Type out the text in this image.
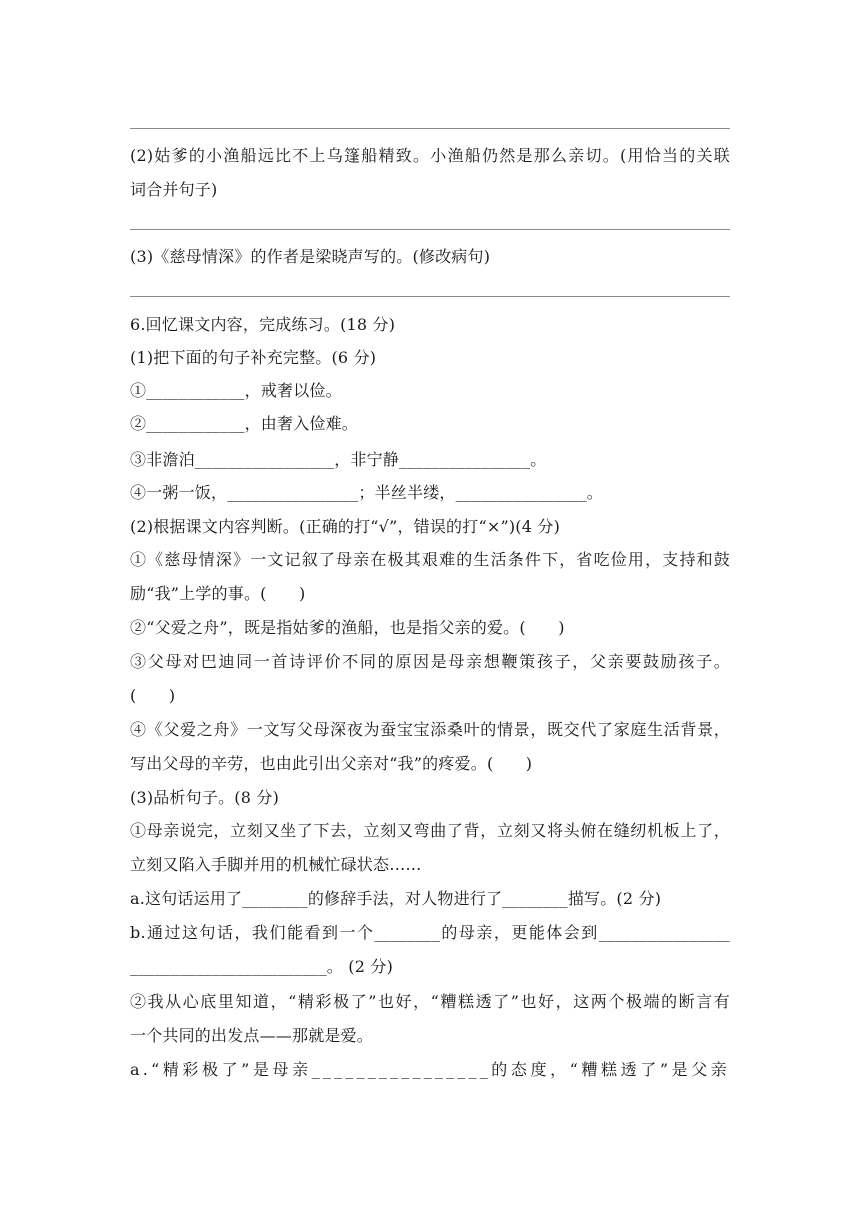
(2)姑爹的小渔船远比不上乌篷船精致。小渔船仍然是那么亲切。(用恰当的关联
词合并句子)
(3)《慈母情深》的作者是梁晓声写的。(修改病句)
6.回忆课文内容，完成练习。(18 分)
(1)把下面的句子补充完整。(6 分)
①____________，戒奢以俭。
②____________，由奢入俭难。
③非澹泊_________________，非宁静________________。
④一粥一饭，________________；半丝半缕，________________。
(2)根据课文内容判断。(正确的打“√”，错误的打“×”)(4 分)
①《慈母情深》一文记叙了母亲在极其艰难的生活条件下，省吃俭用，支持和鼓
励“我”上学的事。(　　)
②“父爱之舟”，既是指姑爹的渔船，也是指父亲的爱。(　　)
③父母对巴迪同一首诗评价不同的原因是母亲想鞭策孩子，父亲要鼓励孩子。
(　　)
④《父爱之舟》一文写父母深夜为蚕宝宝添桑叶的情景，既交代了家庭生活背景，
写出父母的辛劳，也由此引出父亲对“我”的疼爱。(　　)
(3)品析句子。(8 分)
①母亲说完，立刻又坐了下去，立刻又弯曲了背，立刻又将头俯在缝纫机板上了，
立刻又陷入手脚并用的机械忙碌状态……
a.这句话运用了________的修辞手法，对人物进行了________描写。(2 分)
b.通过这句话，我们能看到一个________的母亲，更能体会到________________
________________________。 (2 分)
②我从心底里知道，“精彩极了”也好，“糟糕透了”也好，这两个极端的断言有
一个共同的出发点——那就是爱。
a.“精彩极了”是母亲________________的态度，“糟糕透了”是父亲
